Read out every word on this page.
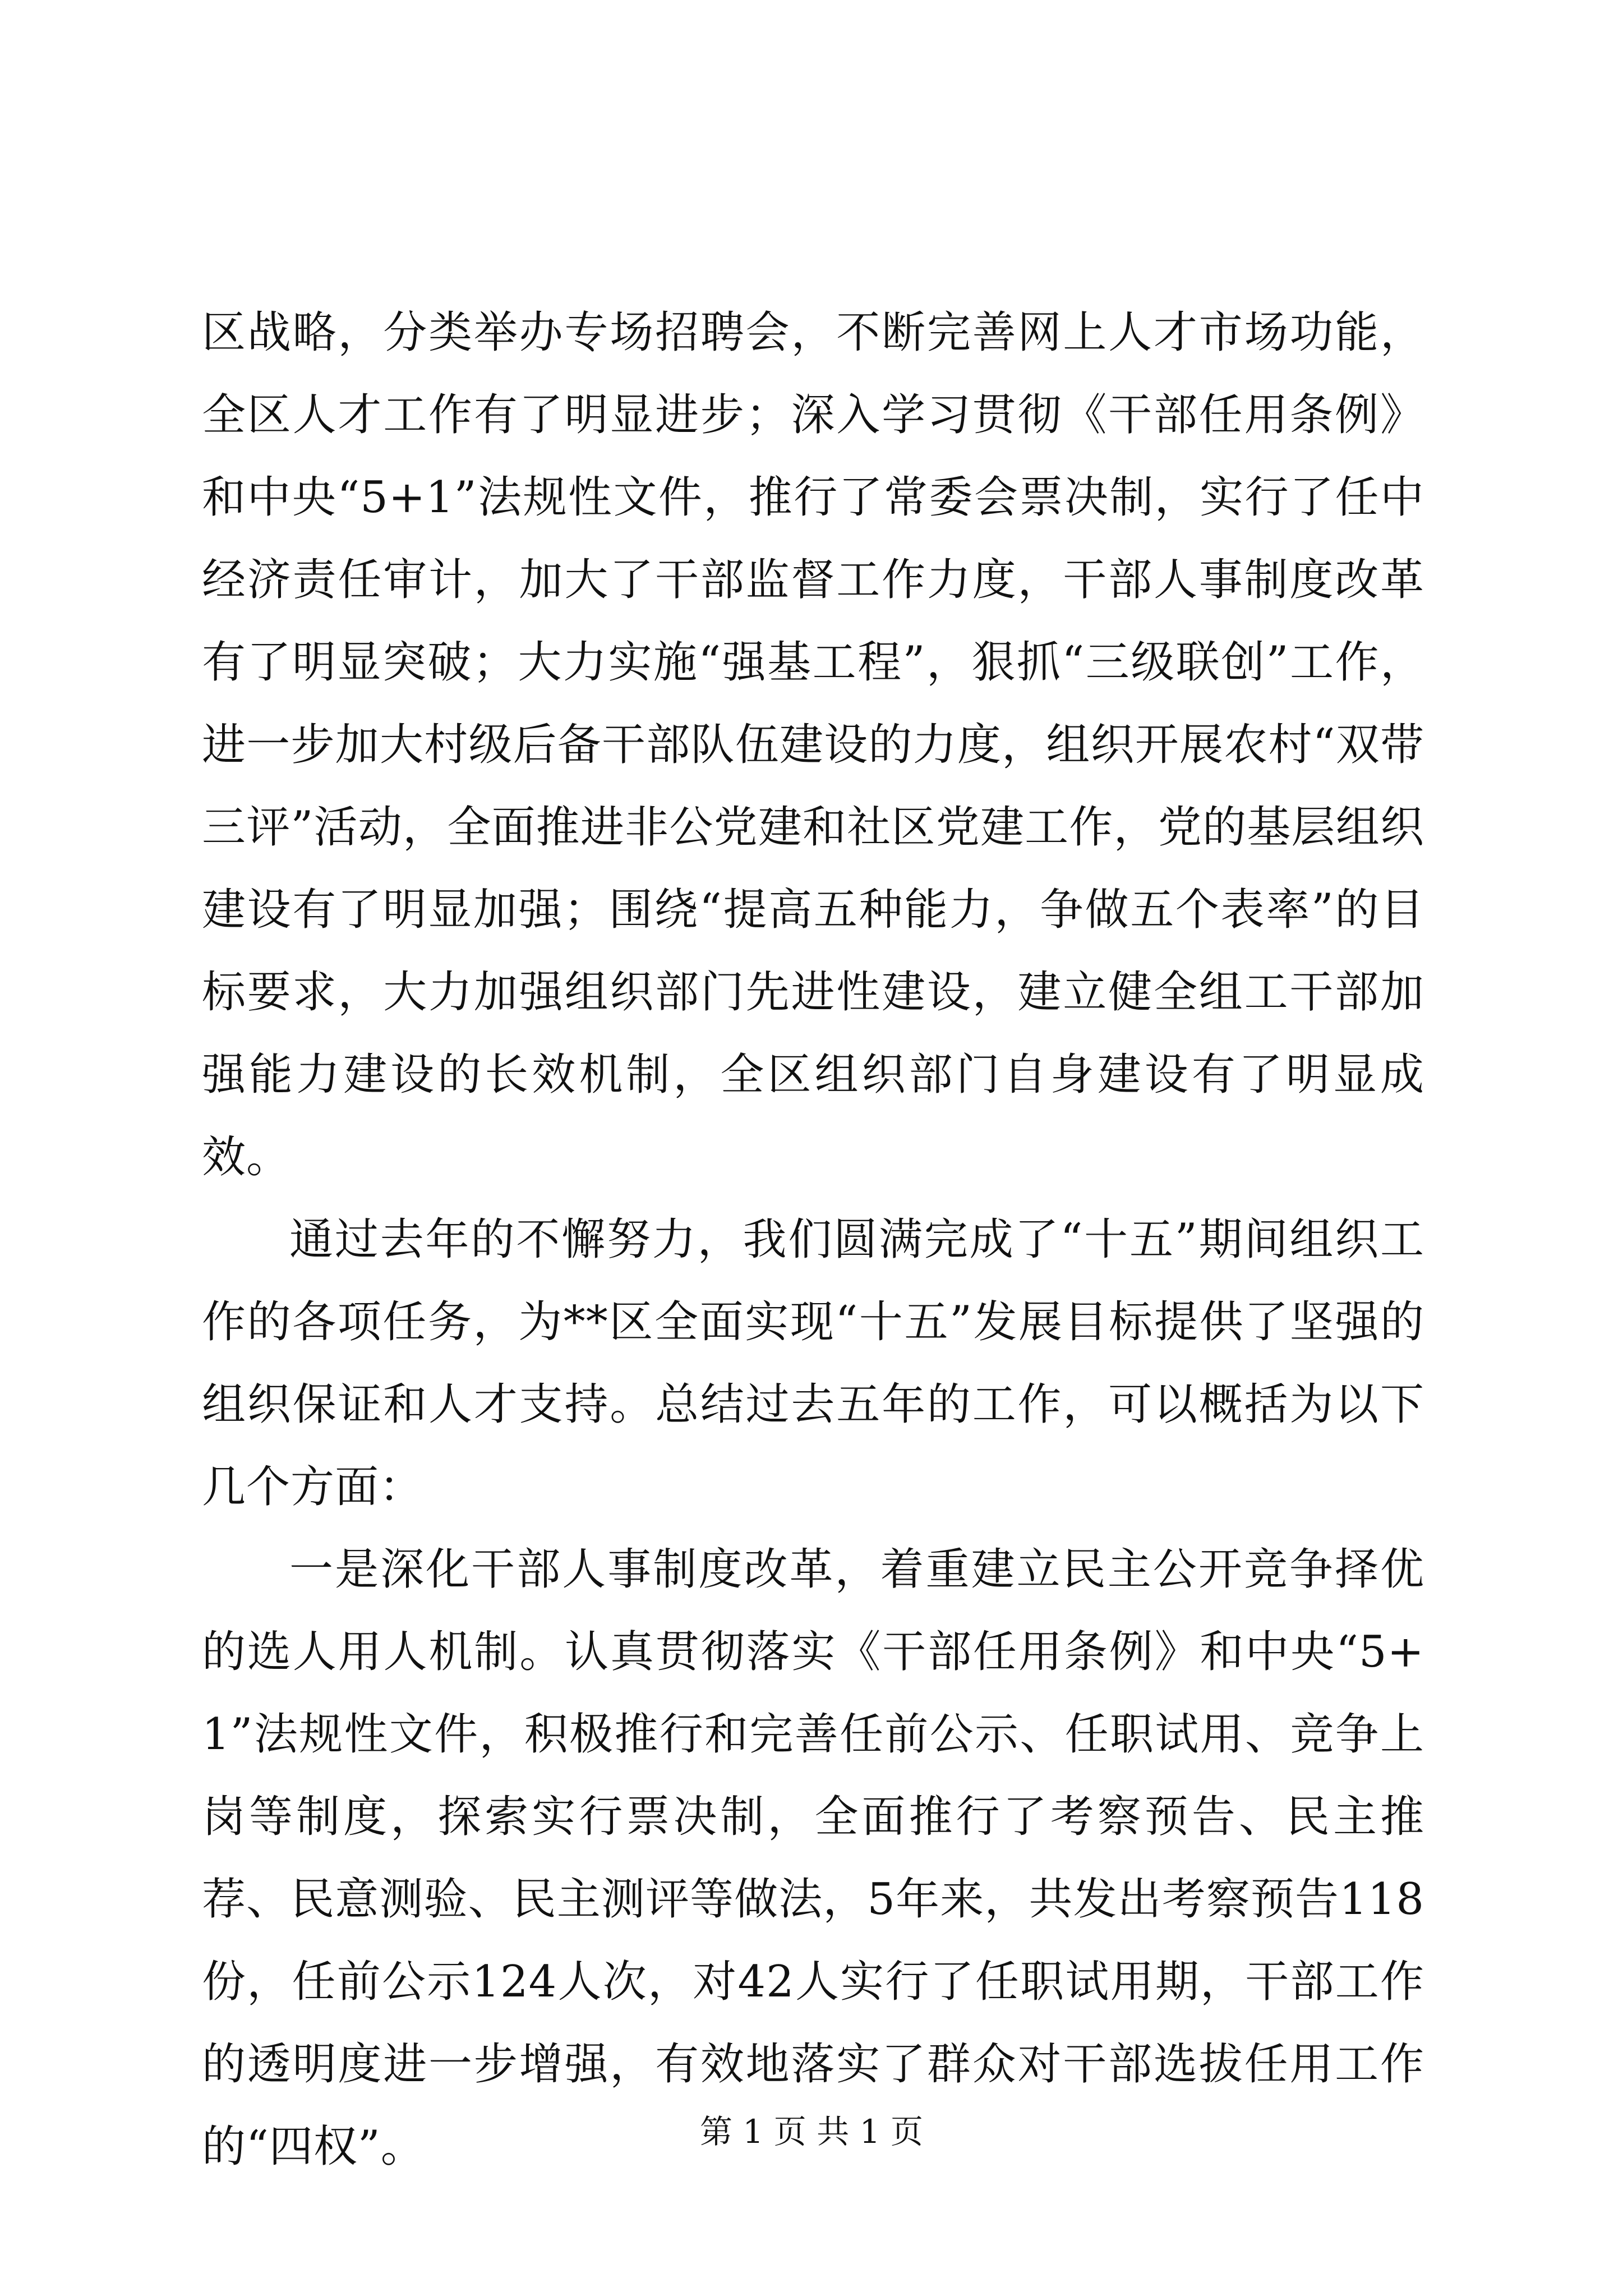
区战略，分类举办专场招聘会，不断完善网上人才市场功能，全区人才工作有了明显进步；深入学习贯彻《干部任用条例》和中央“5+1”法规性文件，推行了常委会票决制，实行了任中经济责任审计，加大了干部监督工作力度，干部人事制度改革有了明显突破；大力实施“强基工程”，狠抓“三级联创”工作，进一步加大村级后备干部队伍建设的力度，组织开展农村“双带三评”活动，全面推进非公党建和社区党建工作，党的基层组织建设有了明显加强；围绕“提高五种能力，争做五个表率”的目标要求，大力加强组织部门先进性建设，建立健全组工干部加强能力建设的长效机制，全区组织部门自身建设有了明显成效。

通过去年的不懈努力，我们圆满完成了“十五”期间组织工作的各项任务，为**区全面实现“十五”发展目标提供了坚强的组织保证和人才支持。总结过去五年的工作，可以概括为以下几个方面：

一是深化干部人事制度改革，着重建立民主公开竞争择优的选人用人机制。认真贯彻落实《干部任用条例》和中央“5+1”法规性文件，积极推行和完善任前公示、任职试用、竞争上岗等制度，探索实行票决制，全面推行了考察预告、民主推荐、民意测验、民主测评等做法，5年来，共发出考察预告118份，任前公示124人次，对42人实行了任职试用期，干部工作的透明度进一步增强，有效地落实了群众对干部选拔任用工作的“四权”。	第 1 页 共 1 页
